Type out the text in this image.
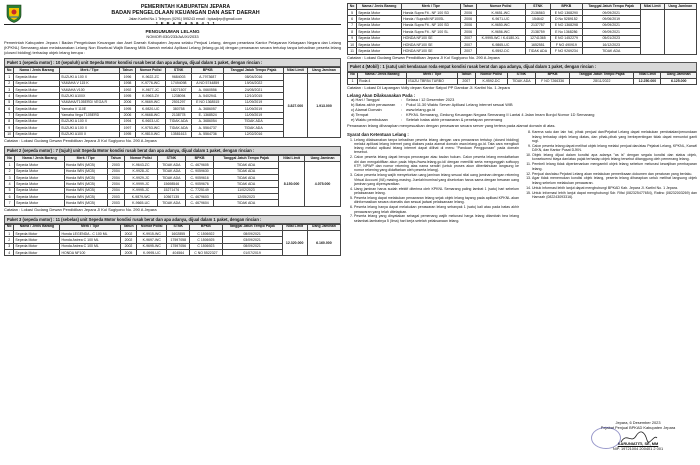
PEMERINTAH KABUPATEN JEPARA
BADAN PENGELOLAAN KEUANGAN DAN ASET DAERAH
Jalan Kartini No.1 Telepon (0291) 595243 email : bpkadjep@gmail.com
J E P A R A 5 9 4 1 1
PENGUMUMAN LELANG
NOMOR:030/233/AA/XI/2033
Pemerintah Kabupaten Jepara / Badan Pengelolaan Keuangan dan Aset Daerah Kabupaten Jepara selaku Penjual Lelang, dengan perantara Kantor Pelayanan Kekayaan Negara dan Lelang (KPKNL) Semarang akan melaksanakan Lelang Non Eksekusi Wajib Barang Milik Daerah melalui Aplikasi Lelang (lelang.go.id) dengan penawaran secara tertutup tanpa kehadiran peserta lelang (closed bidding) terhadap objek lelang berupa :
Paket 1 (sepeda motor) : 10 (sepuluh) unit Sepeda Motor kondisi rusak berat dan apa adanya, dijual dalam 1 paket, dengan rincian :
No	Nama / Jenis Barang	Merk / Tipe	Tahun	Nomor Polisi	STNK	BPKB	Tanggal Jatuh Tempo Pajak	Nilai Limit	Uang Jaminan
1	Sepeda Motor	SUZUKI A 100 X	1996	K-9622-ZC	9684003	A-7973687	08/04/2016	3.827.000	1.913.000
2	Sepeda Motor	YAMAHA V 115 K	1998	K-9776-WC	17494098	A NO 5744859	19/04/2022		
3	Sepeda Motor	YAMAHA V100	1992	K-9677-JC	18271507	A- 0660556	24/05/2021		
4	Sepeda Motor	SUZUKI A100X	1995	K-9963-ZV	1238094	A- 5402941	12/10/2015		
5	Sepeda Motor	YAMAHA/T105ERD/ VEGA R	2006	K-9669-WC	2501297	E NO 1368515	11/09/2019		
6	Sepeda Motor	Yamaha V 110E	1995	K-9820-UC	380758	A- 3686057	11/09/2019		
7	Sepeda Motor	Yamaha Vega T105ERD	2006	K-9668-WC	2138778	E- 1368524	11/09/2019		
8	Sepeda Motor	SUZUKI A 100 X	1994	K-9603-UC	TIDAK ADA	A- 3686054	TIDAK ADA		
9	Sepeda Motor	SUZUKI A 100 X	1997	K-9753-WC	TIDAK ADA	A- 5564737	TIDAK ADA		
10	Sepeda Motor	SUZUKI A100 X	1995	K-9810-WC	13581613	A- 5564736	12/02/2016		
Catatan : Lokasi Gudang Dewan Pendidikan Jepara Jl Kol Sugiyono No. 290 A Jepara
Paket 2 (sepeda motor) : 7 (tujuh) unit Sepeda Motor kondisi rusak berat dan apa adanya, dijual dalam 1 paket, dengan rincian :
No	Nama / Jenis Barang	Merk / Tipe	Tahun	Nomor Polisi	STNK	BPKB	Tanggal Jatuh Tempo Pajak	Nilai Limit	Uang Jaminan
1	Sepeda Motor	Honda WIN (MCB)	2003	K-9643-ZC	TIDAK ADA	C- 4679605	TIDAK ADA	8.150.000	4.075.000
2	Sepeda Motor	Honda WIN (MCB)	2004	K-9928-JC	TIDAK ADA	C- 9059630	TIDAK ADA		
3	Sepeda Motor	Honda WIN (MCB)	2004	K-9929-JC	TIDAK ADA	C- 9059616	TIDAK ADA		
4	Sepeda Motor	Honda WIN (MCB)	2004	K-9999-JC	15698546	C- 9059676	TIDAK ADA		
5	Sepeda Motor	Honda WIN (MCB)	2004	K-9995-JC	15271476	C- 7725149	11/02/2023		
6	Sepeda Motor	Honda WIN (MCB)	2003	K-9879-WC	10567135	C- 4679603	12/05/2023		
7	Sepeda Motor	Honda WIN (MCB)	2003	K-9665-UC	TIDAK ADA	C- 4679604	TIDAK ADA		
Catatan : Lokasi Gudang Dewan Pendidikan Jepara Jl Kol Sugiyono No. 290 A Jepara
Paket 3 (sepeda motor) : 11 (sebelas) unit Sepeda Motor kondisi rusak berat dan apa adanya, dijual dalam 1 paket, dengan rincian :
No	Nama / Jenis Barang	Merk / Tipe	Tahun	Nomor Polisi	STNK	BPKB	Tanggal Jatuh Tempo Pajak	Nilai Limit	Uang Jaminan
1	Sepeda Motor	Honda LEGENDA - C 100 ML	2002	K-9915-WC	1602855	C 1506922	08/09/2021	12.320.000	6.160.000
2	Sepeda Motor	Honda Astrea C 100 ML	2002	K-9697-WC	17597058	C 1506925	03/09/2021		
3	Sepeda Motor	Honda Astrea C 100 ML	2002	K-9695-WC	17597056	C 1506923	08/09/2021		
4	Sepeda Motor	HONDA NF100	2005	K-9995-UC	404564	C NO 5522327	01/07/2019		
No	Nama / Jenis Barang	Merk / Tipe	Tahun	Nomor Polisi	STNK	BPKB	Tanggal Jatuh Tempo Pajak	Nilai Limit	Uang Jaminan
5	Sepeda Motor	Honda Supra Fit - NF 100 SD	2006	K-9651-WC	2136563	E NO 1368290	09/09/2021		
6	Sepeda Motor	Honda / Supra8t NF100SL	2006	K-9671-UC	154642	D No 5289152	09/06/2019		
7	Sepeda Motor	Honda Supra Fit - NF 100 SD	2006	K-9650-WC	2137757	E NO 1368298	09/09/2021		
8	Sepeda Motor	Honda Supra Fit - NF 100 SL	2006	K-9656-WC	2138759	E No 1368286	09/09/2021		
9	Sepeda Motor	HONDA NF100 SE	2007	K-9995-WC / K-6180-XL	12741365	E NO 1452279	05/01/2023		
10	Sepeda Motor	HONDA NF100 SE	2007	K-9865-UC	1652551	F NO 490919	16/12/2023		
11	Sepeda Motor	HONDA NF100 SE	2007	K-9592-DC	TIDAK ADA	F NO 9269234	TIDAK ADA		
Catatan : Lokasi Gudang Dewan Pendidikan Jepara Jl Kol Sugiyono No. 290 A Jepara
Paket 4 (Mobil) : 1 (satu) unit kendaraan roda empat kondisi rusak berat dan apa adanya, dijual dalam 1 paket, dengan rincian :
No	Nama / Jenis Barang	Merk / Tipe	Tahun	Nomor Polisi	STNK	BPKB	Tanggal Jatuh Tempo Pajak	Nilai Limit	Uang Jaminan
1	Roda 4	ISUZU TBR54 TURBO	2007	K-9592-DC	TIDAK ADA	F NO 7266336	28/11/2022	12.250.000	6.125.000
Catatan : Lokasi Di Lapangan Volly depan Kantor Satpol PP Damkar Jl. Kartini No. 1 Jepara
Lelang Akan Dilaksanakan Pada :
a) Hari / Tanggal	:	Selasa / 12 Desember 2023
b) Batas akhir penawaran	:	Pukul 11.30 Waktu Server Aplikasi Lelang internet sesuai WIB
c) Alamat Domain	:	www.lelang.go.id
d) Tempat	:	KPKNL Semarang, Gedung Keuangan Negara Semarang II Lantai 4 Jalan Imam Bonjol Nomor 1D Semarang
e) Waktu pembukaan	:	Setelah batas akhir penawaran & penetapan pemenang
Penawaran lelang diharapkan menyesuaikan dengan penawaran secara server yang tertera pada alamat domain di atas.
Syarat dan Ketentuan Lelang :
1. Lelang dilaksanakan tanpa kehadiran peserta lelang dengan cara penawaran tertutup (closed bidding) melalui aplikasi lelang internet yang diakses pada alamat domain www.lelang.go.id. Tata cara mengikuti lelang melalui aplikasi lelang internet dapat dilihat di menu "Panduan Penggunaan" pada domain tersebut.
2. Calon peserta lelang dapat berupa perorangan atau badan hukum. Calon peserta lelang mendaftarkan diri dan mengaktifkan akun pada https://www.lelang.go.id/ dengan memiliki serta mengunggah softcopy KTP, NPWP dan nomor rekening atas nama sendiri (untuk proses akun diberitahukan langsung ke nomor rekening yang didaftarkan oleh peserta lelang).
3. Calon peserta lelang wajib menyetorkan uang jaminan lelang sesuai nilai uang jaminan dengan rekening Virtual Account (VA) masing-masing. Jumlah/nominal yang disetorkan harus sama dengan besaran uang jaminan yang dipersyaratkan.
4. Uang jaminan harus sudah efektif diterima oleh KPKNL Semarang paling lambat 1 (satu) hari sebelum pelaksanaan lelang.
5. Peserta lelang dapat melakukan penawaran lelang sejak objek lelang tayang pada aplikasi KPKNL akan diinformasikan secara otomatis dan sesuai jadwal pelaksanaan lelang.
6. Peserta lelang hanya dapat melakukan penawaran lelang sebanyak 1 (satu) kali atau pada batas akhir penawaran yang telah ditetapkan.
7. Peserta lelang yang dinyatakan sebagai pemenang wajib melunasi harga lelang ditambah bea lelang selambat-lambatnya 5 (lima) hari kerja setelah pelaksanaan lelang.
8. Karena satu dan lain hal, pihak penjual dan/Pejabat Lelang dapat melakukan pembatalan/penundaan lelang terhadap objek lelang diatas, dan pihak-pihak yang berkepentingan tidak dapat menuntut ganti rugi.
9. Calon peserta lelang dapat melihat objek lelang melalui penjual dan/atau Pejabat Lelang, KPKNL, Kanwil DJKN, dan Kantor Pusat DJKN.
10. Objek lelang dijual dalam kondisi apa adanya "as is" dengan segala kondisi dan status objek, konsekuensi biaya dan/atau pajak terhadap objek lelang tersebut ditanggung oleh pemenang lelang.
11. Pembeli lelang tidak diperkenankan mengambil objek lelang sebelum melunasi kewajiban pembayaran lelang.
12. Penjual dan/atau Pejabat Lelang akan melakukan pemeriksaan dokumen dan peraturan yang berlaku.
13. Agar tidak menemukan kondisi objek lelang, peserta lelang diharapkan untuk melihat langsung objek lelang sebelum melakukan penawaran.
14. Untuk informasi lebih lanjut dapat menghubungi BPKAD Kab. Jepara Jl. Kartini No. 1 Jepara.
15. Untuk informasi lebih lanjut dapat menghubungi Sdr. Rifai (082325477654), Ratino (08232003269) dan Hamzah (082243093316).
Jepara, 6 Desember 2023
Pejabat Penjual BPKAD Kabupaten Jepara
KARUNIATITI, SE, MM
NIP. 19721004 200401 2 001
